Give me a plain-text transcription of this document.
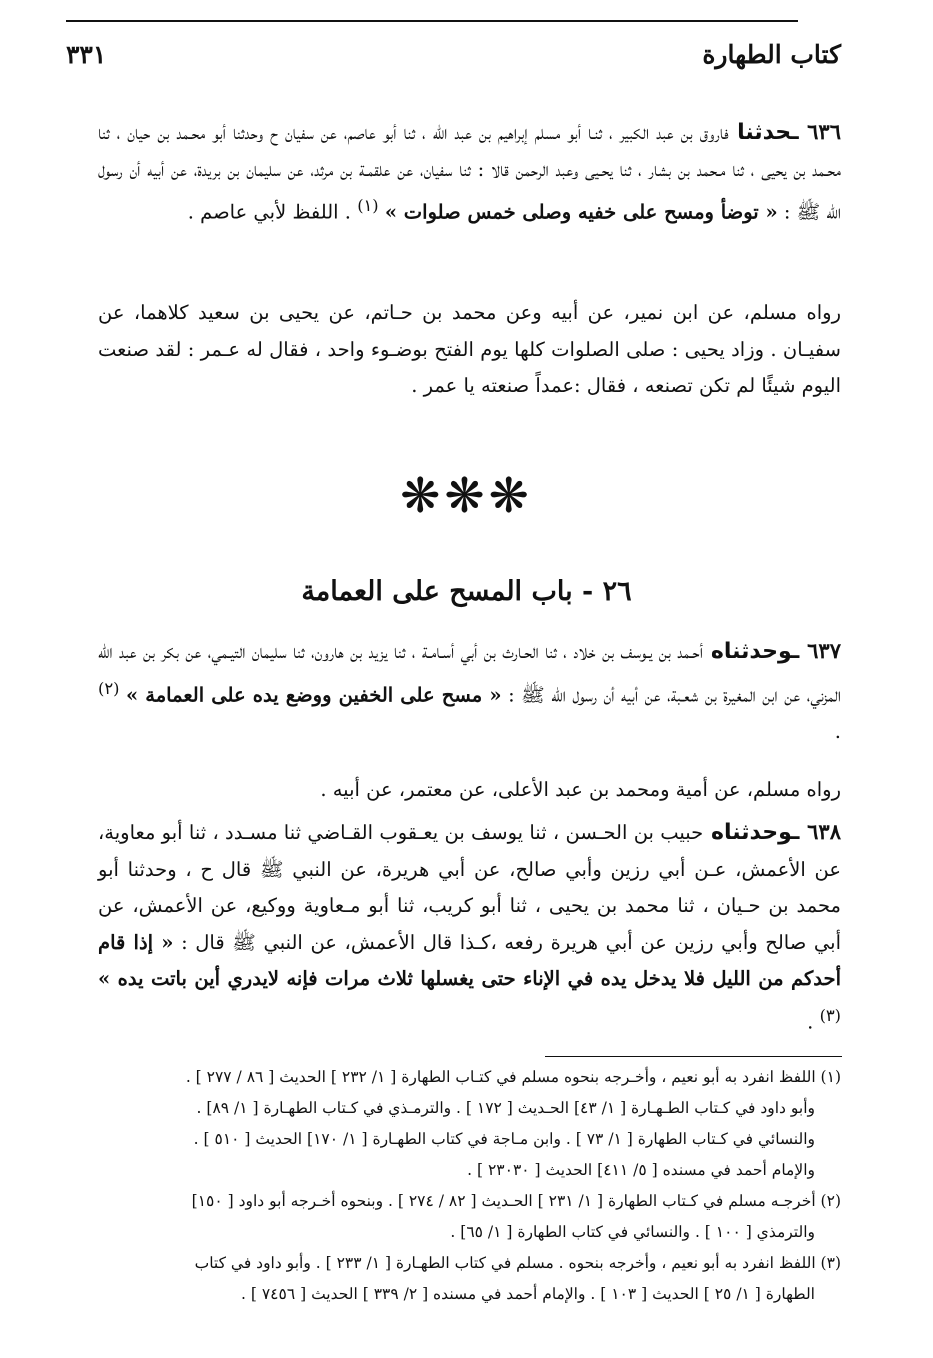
كتاب الطهارة
٣٣١
٦٣٦ ـحدثنا فاروق بن عبد الكبير ، ثنـا أبو مسلم إبراهيم بن عبد الله ، ثنا أبو عاصم، عن سفيان ح وحدثنا أبو محـمد بن حيان ، ثنا محـمد بن يحيى ، ثنا مـحمد بن بشار ، ثنا يحـيى وعبد الرحمن قالا : ثنا سفيان، عن علقمـة بن مرثد، عن سليمان بن بريدة، عن أبيه أن رسول الله ﷺ : « توضأ ومسح على خفيه وصلى خمس صلوات » $^{(١)}$ . اللفظ لأبي عاصم .
رواه مسلم، عن ابن نمير، عن أبيه وعن محمد بن حـاتم، عن يحيى بن سعيد كلاهما، عن سفيـان . وزاد يحيى : صلى الصلوات كلها يوم الفتح بوضـوء واحد ، فقال له عـمر : لقد صنعت اليوم شيئًا لم تكن تصنعه ، فقال :عمداً صنعته يا عمر .
❋❋❋
٢٦ - باب المسح على العمامة
٦٣٧ ـوحدثناه أحـمد بن يـوسف بن خلاد ، ثنا الحـارث بن أبي أسـامـة ، ثنا يزيد بن هارون، ثنا سليمان التيـمي، عن بكر بن عبد الله المزني، عن ابن المغيرة بن شعـبة، عن أبيه أن رسول الله ﷺ : « مسح على الخفين ووضع يده على العمامة » $^{(٢)}$ .
رواه مسلم، عن أمية ومحمد بن عبد الأعلى، عن معتمر، عن أبيه .
٦٣٨ ـوحدثناه حبيب بن الحـسن ، ثنا يوسف بن يعـقوب القـاضي ثنا مسـدد ، ثنا أبو معاوية، عن الأعمش، عـن أبي رزين وأبي صالح، عن أبي هريرة، عن النبي ﷺ قال ح ، وحدثنا أبو محمد بن حـيان ، ثنا محمد بن يحيى ، ثنا أبو كريب، ثنا أبو مـعاوية ووكيع، عن الأعمش، عن أبي صالح وأبي رزين عن أبي هريرة رفعه ،كـذا قال الأعمش، عن النبي ﷺ قال : « إذا قام أحدكم من الليل فلا يدخل يده في الإناء حتى يغسلها ثلاث مرات فإنه لايدري أين باتت يده » $^{(٣)}$ .

(١) اللفظ انفرد به أبو نعيم ، وأخـرجه بنحوه مسلم في كتـاب الطهارة [ ١/ ٢٣٢ ] الحديث [ ٨٦ / ٢٧٧ ] .
وأبو داود في كـتاب الطـهـارة [ ١/ ٤٣] الحـديث [ ١٧٢ ] . والترمـذي في كـتاب الطهـارة [ ١/ ٨٩] .
والنسائي في كـتاب الطهارة [ ١/ ٧٣ ] . وابن مـاجة في كتاب الطهـارة [ ١/ ١٧٠] الحديث [ ٥١٠ ] .
والإمام أحمد في مسنده [ ٥/ ٤١١] الحديث [ ٢٣٠٣٠ ] .

(٢) أخرجـه مسلم في كـتاب الطهارة [ ١/ ٢٣١ ] الحـديث [ ٨٢ / ٢٧٤ ] . وبنحوه أخـرجه أبو داود [ ١٥٠]
والترمذي [ ١٠٠ ] . والنسائي في كتاب الطهارة [ ١/ ٦٥] .

(٣) اللفظ انفرد به أبو نعيم ، وأخرجه بنحوه . مسلم في كتاب الطهـارة [ ١/ ٢٣٣ ] . وأبو داود في كتاب
الطهارة [ ١/ ٢٥ ] الحديث [ ١٠٣ ] . والإمام أحمد في مسنده [ ٢/ ٣٣٩ ] الحديث [ ٧٤٥٦ ] .
